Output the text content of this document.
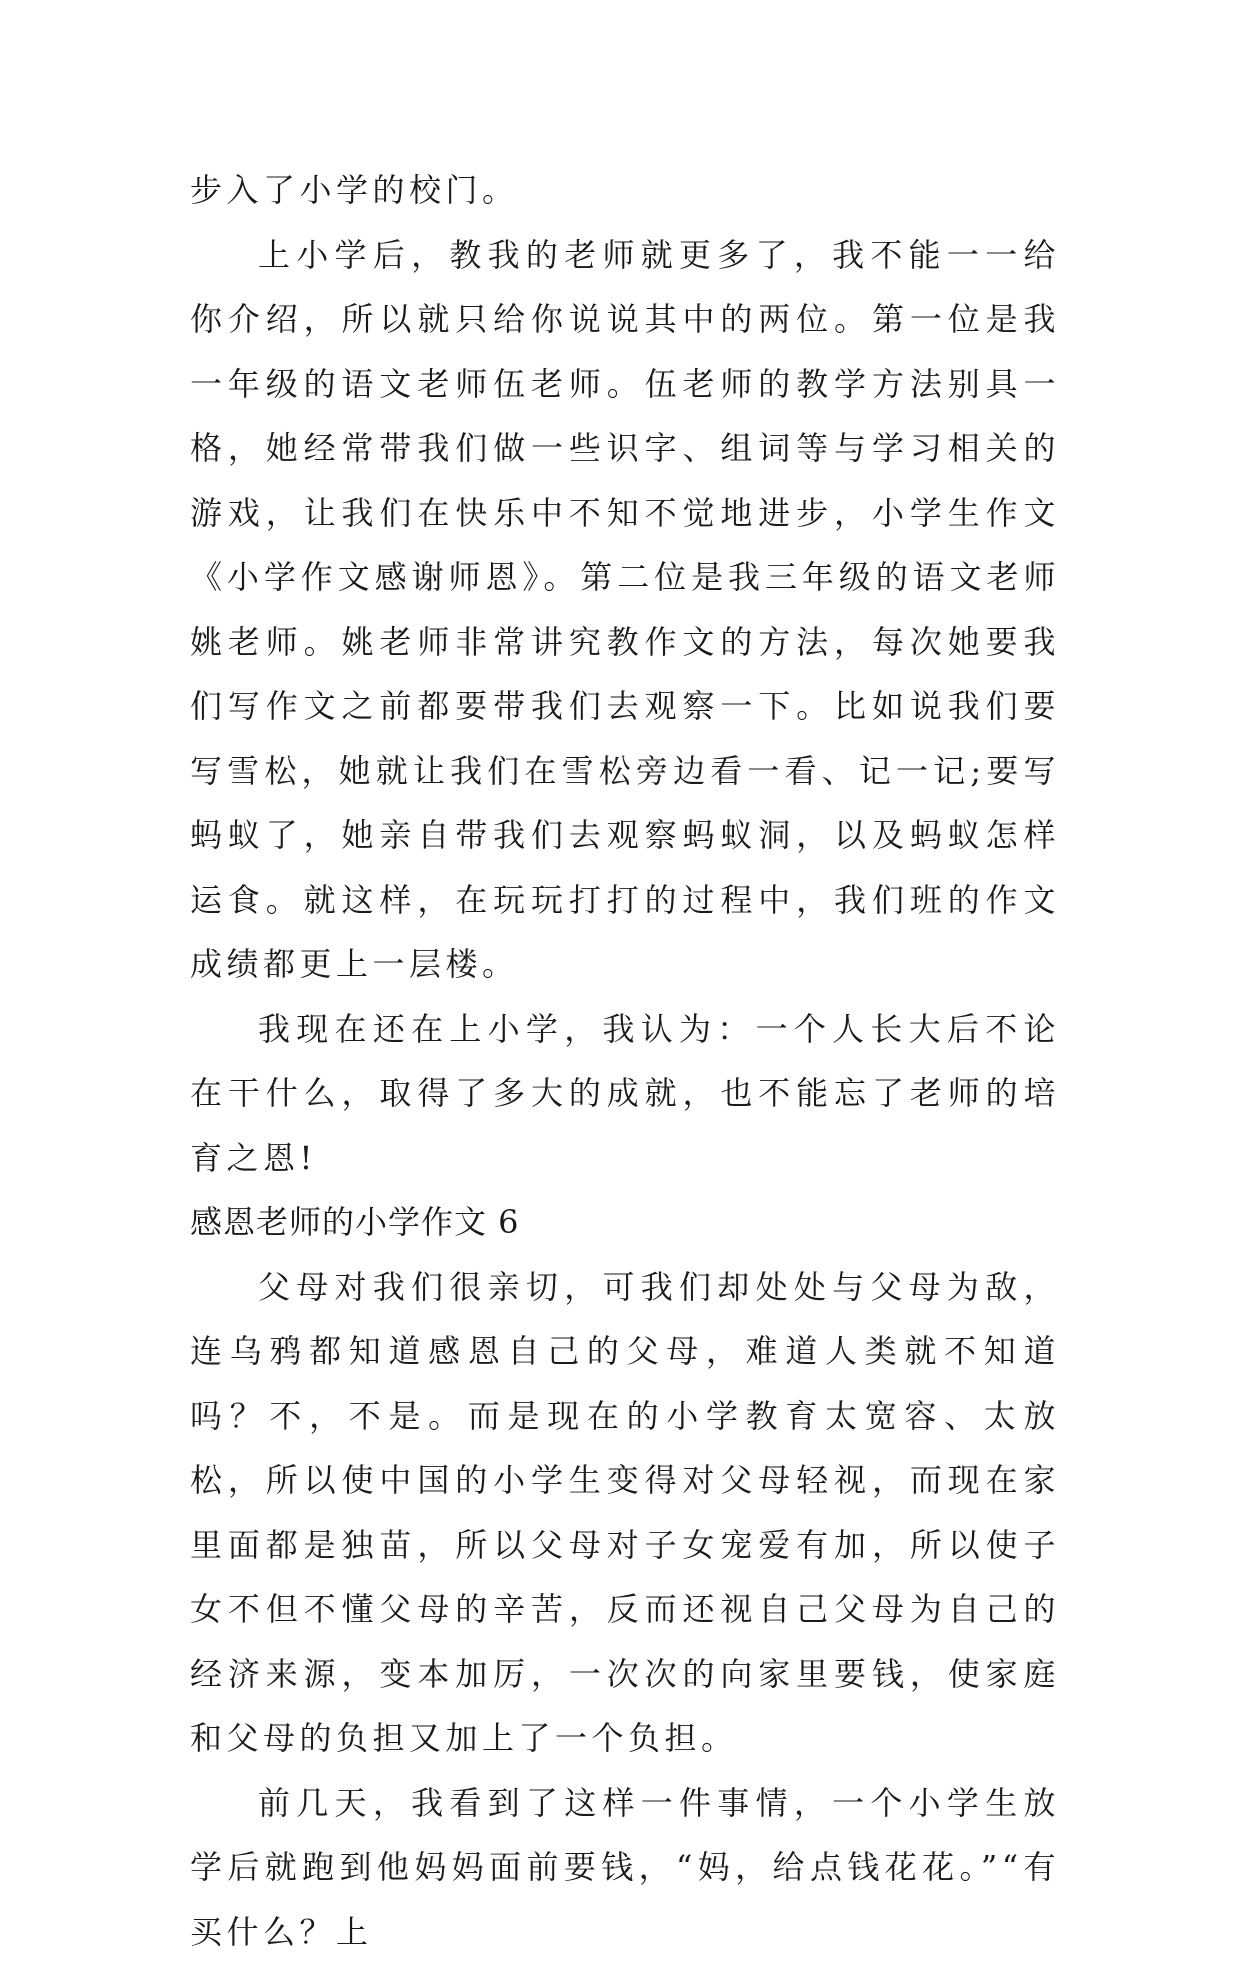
步入了小学的校门。

上小学后，教我的老师就更多了，我不能一一给你介绍，所以就只给你说说其中的两位。第一位是我一年级的语文老师伍老师。伍老师的教学方法别具一格，她经常带我们做一些识字、组词等与学习相关的游戏，让我们在快乐中不知不觉地进步，小学生作文《小学作文感谢师恩》。第二位是我三年级的语文老师姚老师。姚老师非常讲究教作文的方法，每次她要我们写作文之前都要带我们去观察一下。比如说我们要写雪松，她就让我们在雪松旁边看一看、记一记;要写蚂蚁了，她亲自带我们去观察蚂蚁洞，以及蚂蚁怎样运食。就这样，在玩玩打打的过程中，我们班的作文成绩都更上一层楼。

我现在还在上小学，我认为：一个人长大后不论在干什么，取得了多大的成就，也不能忘了老师的培育之恩!

感恩老师的小学作文 6

父母对我们很亲切，可我们却处处与父母为敌，连乌鸦都知道感恩自己的父母，难道人类就不知道吗？不，不是。而是现在的小学教育太宽容、太放松，所以使中国的小学生变得对父母轻视，而现在家里面都是独苗，所以父母对子女宠爱有加，所以使子女不但不懂父母的辛苦，反而还视自己父母为自己的经济来源，变本加厉，一次次的向家里要钱，使家庭和父母的负担又加上了一个负担。

前几天，我看到了这样一件事情，一个小学生放学后就跑到他妈妈面前要钱，“妈，给点钱花花。”“有买什么？上
